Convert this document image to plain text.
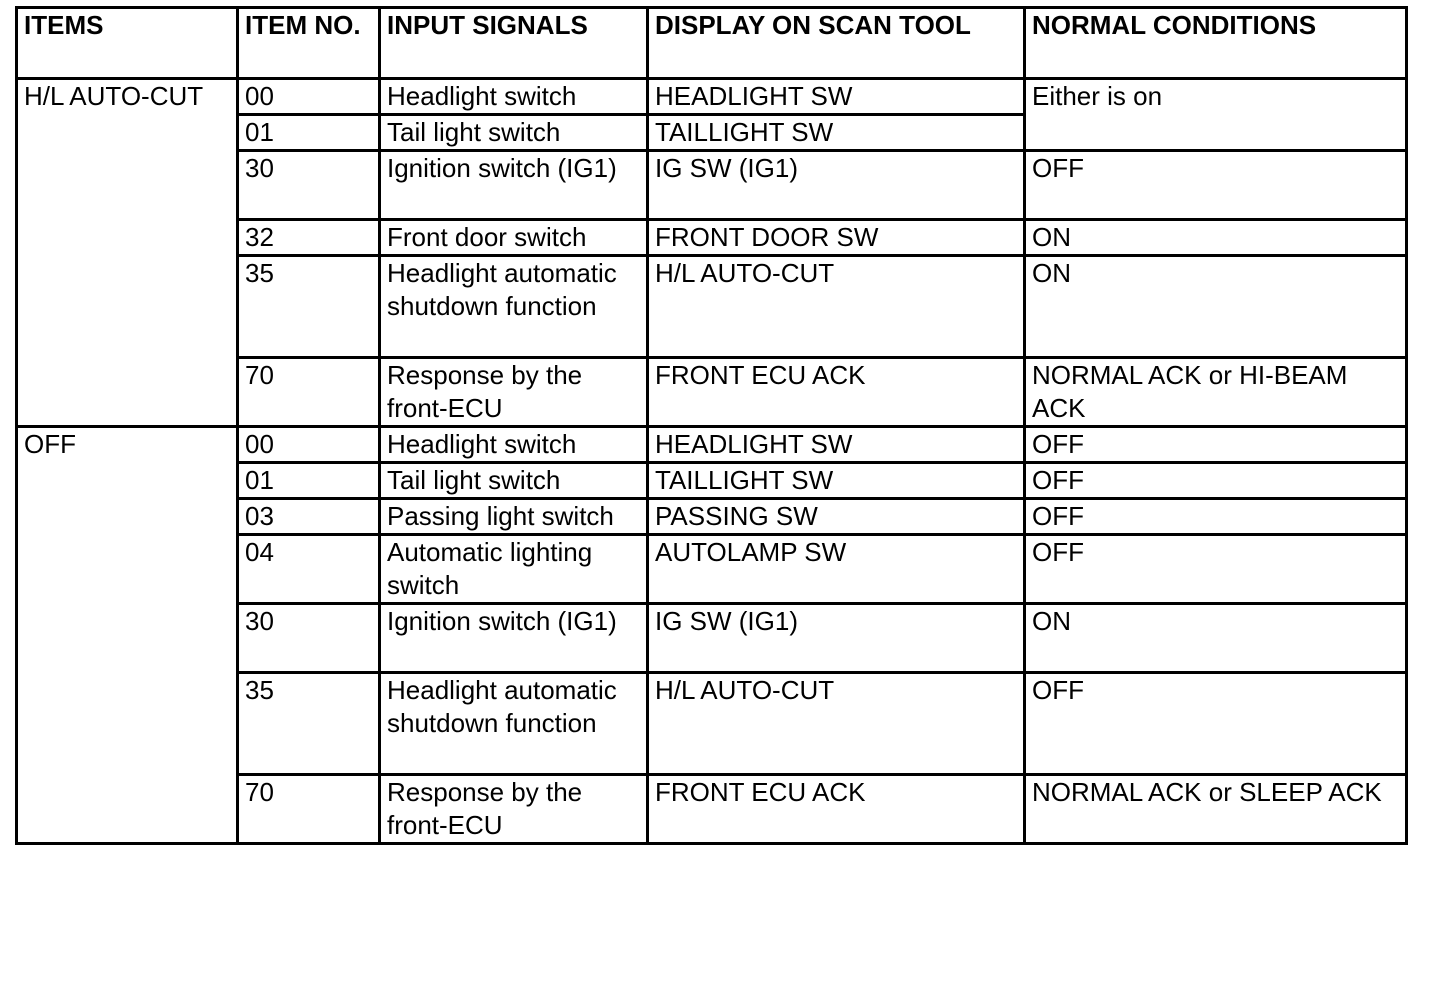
ITEMS	ITEM NO.	INPUT SIGNALS	DISPLAY ON SCAN TOOL	NORMAL CONDITIONS
H/L AUTO-CUT	00	Headlight switch	HEADLIGHT SW	Either is on
	01	Tail light switch	TAILLIGHT SW	
	30	Ignition switch (IG1)	IG SW (IG1)	OFF
	32	Front door switch	FRONT DOOR SW	ON
	35	Headlight automatic shutdown function	H/L AUTO-CUT	ON
	70	Response by the front-ECU	FRONT ECU ACK	NORMAL ACK or HI-BEAM ACK
OFF	00	Headlight switch	HEADLIGHT SW	OFF
	01	Tail light switch	TAILLIGHT SW	OFF
	03	Passing light switch	PASSING SW	OFF
	04	Automatic lighting switch	AUTOLAMP SW	OFF
	30	Ignition switch (IG1)	IG SW (IG1)	ON
	35	Headlight automatic shutdown function	H/L AUTO-CUT	OFF
	70	Response by the front-ECU	FRONT ECU ACK	NORMAL ACK or SLEEP ACK
